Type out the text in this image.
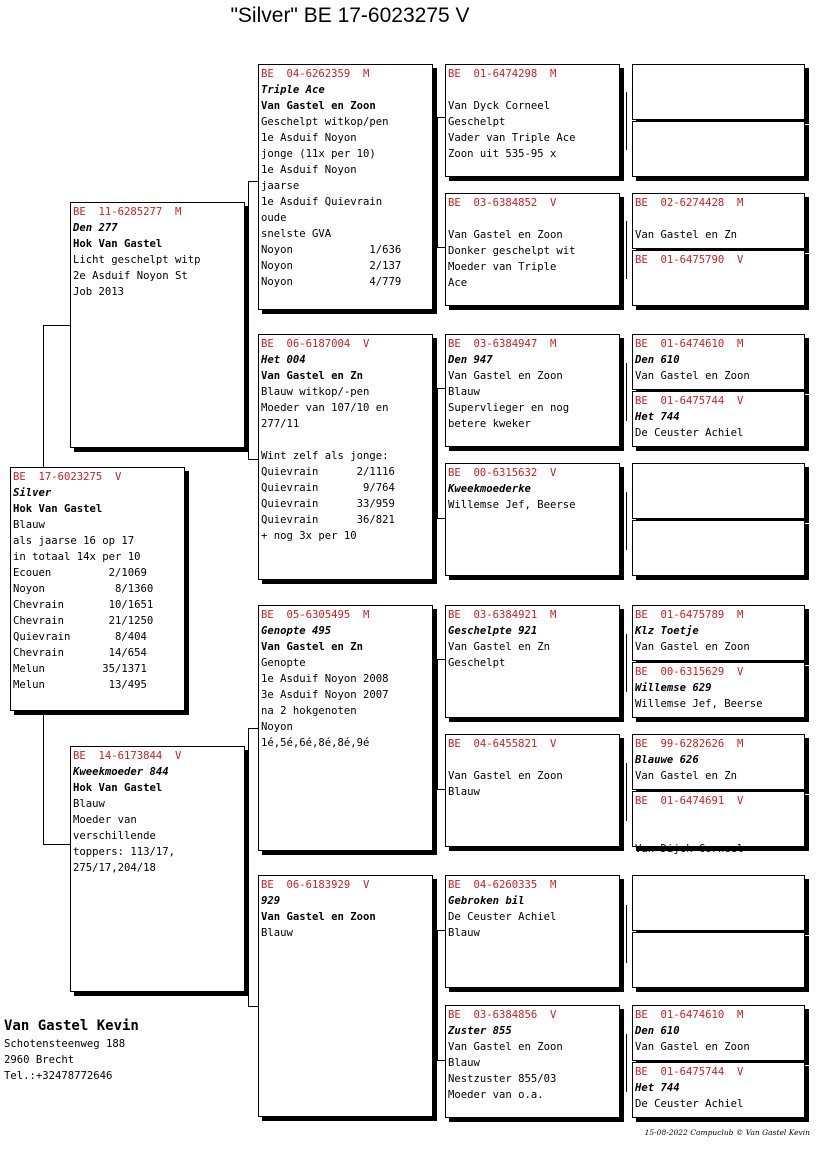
"Silver" BE 17-6023275 V
BE  17-6023275  V
Silver
Hok Van Gastel
Blauw
als jaarse 16 op 17
in totaal 14x per 10
Ecouen         2/1069
Noyon           8/1360
Chevrain       10/1651
Chevrain       21/1250
Quievrain       8/404
Chevrain       14/654
Melun         35/1371
Melun          13/495
BE  11-6285277  M
Den 277
Hok Van Gastel
Licht geschelpt witp
2e Asduif Noyon St
Job 2013
BE  14-6173844  V
Kweekmoeder 844
Hok Van Gastel
Blauw
Moeder van
verschillende
toppers: 113/17,
275/17,204/18
BE  04-6262359  M
Triple Ace
Van Gastel en Zoon
Geschelpt witkop/pen
1e Asduif Noyon
jonge (11x per 10)
1e Asduif Noyon
jaarse
1e Asduif Quievrain
oude
snelste GVA
Noyon            1/636
Noyon            2/137
Noyon            4/779
BE  06-6187004  V
Het 004
Van Gastel en Zn
Blauw witkop/-pen
Moeder van 107/10 en
277/11

Wint zelf als jonge:
Quievrain      2/1116
Quievrain       9/764
Quievrain      33/959
Quievrain      36/821
+ nog 3x per 10
BE  05-6305495  M
Genopte 495
Van Gastel en Zn
Genopte
1e Asduif Noyon 2008
3e Asduif Noyon 2007
na 2 hokgenoten
Noyon
1é,5é,6é,8é,8é,9é
BE  06-6183929  V
929
Van Gastel en Zoon
Blauw
BE  01-6474298  M

Van Dyck Corneel
Geschelpt
Vader van Triple Ace
Zoon uit 535-95 x
BE  03-6384852  V

Van Gastel en Zoon
Donker geschelpt wit
Moeder van Triple
Ace
BE  03-6384947  M
Den 947
Van Gastel en Zoon
Blauw
Supervlieger en nog
betere kweker
BE  00-6315632  V
Kweekmoederke
Willemse Jef, Beerse
BE  03-6384921  M
Geschelpte 921
Van Gastel en Zn
Geschelpt
BE  04-6455821  V

Van Gastel en Zoon
Blauw
BE  04-6260335  M
Gebroken bil
De Ceuster Achiel
Blauw
BE  03-6384856  V
Zuster 855
Van Gastel en Zoon
Blauw
Nestzuster 855/03
Moeder van o.a.
BE  02-6274428  M

Van Gastel en Zn
BE  01-6475790  V
BE  01-6474610  M
Den 610
Van Gastel en Zoon
BE  01-6475744  V
Het 744
De Ceuster Achiel
BE  01-6475789  M
Klz Toetje
Van Gastel en Zoon
BE  00-6315629  V
Willemse 629
Willemse Jef, Beerse
BE  99-6282626  M
Blauwe 626
Van Gastel en Zn
BE  01-6474691  V

Van Dijck Corneel
BE  01-6474610  M
Den 610
Van Gastel en Zoon
BE  01-6475744  V
Het 744
De Ceuster Achiel
Van Gastel Kevin
Schotensteenweg 188
2960 Brecht
Tel.:+32478772646
15-08-2022 Compuclub © Van Gastel Kevin
